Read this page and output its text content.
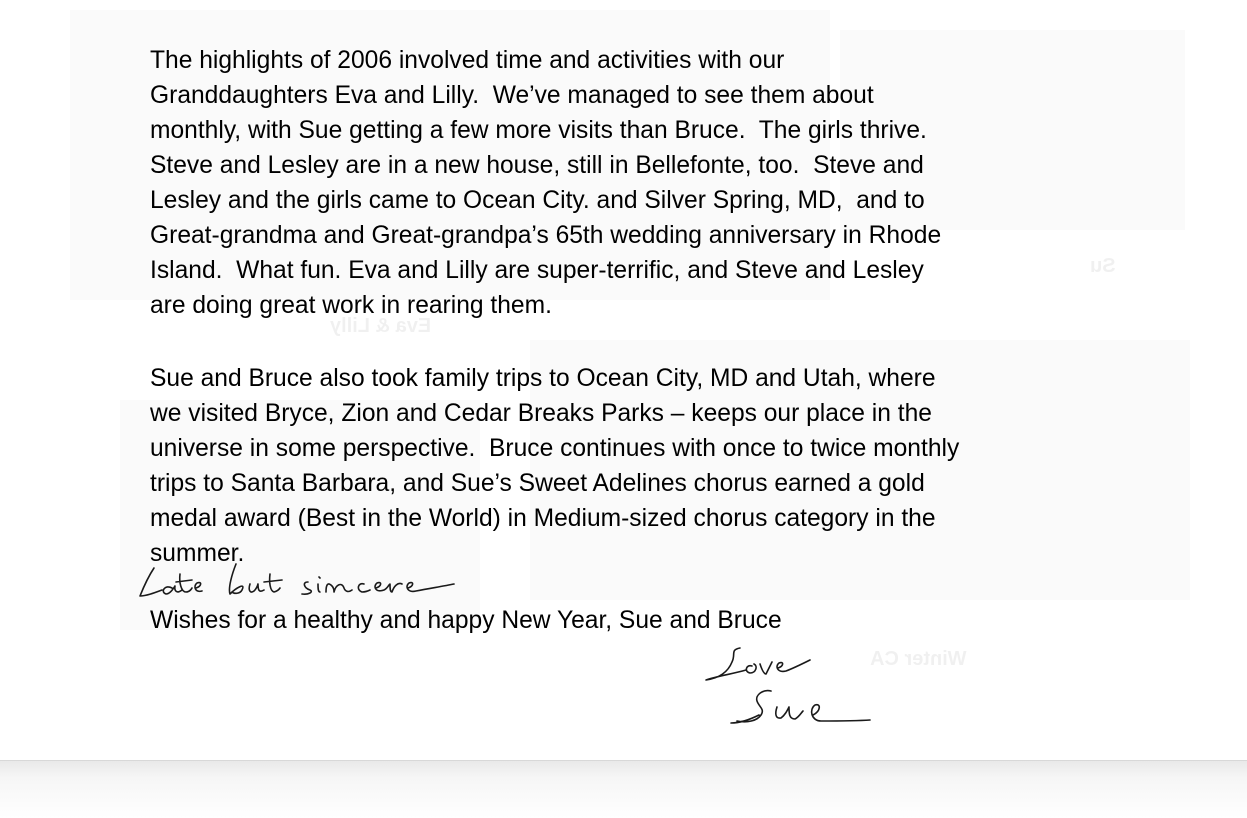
Su
Eva & Lilly
Winter CA

The highlights of 2006 involved time and activities with our
Granddaughters Eva and Lilly.  We’ve managed to see them about
monthly, with Sue getting a few more visits than Bruce.  The girls thrive.
Steve and Lesley are in a new house, still in Bellefonte, too.  Steve and
Lesley and the girls came to Ocean City. and Silver Spring, MD,  and to
Great-grandma and Great-grandpa’s 65th wedding anniversary in Rhode
Island.  What fun. Eva and Lilly are super-terrific, and Steve and Lesley
are doing great work in rearing them.

Sue and Bruce also took family trips to Ocean City, MD and Utah, where
we visited Bryce, Zion and Cedar Breaks Parks – keeps our place in the
universe in some perspective.  Bruce continues with once to twice monthly
trips to Santa Barbara, and Sue’s Sweet Adelines chorus earned a gold
medal award (Best in the World) in Medium-sized chorus category in the
summer.

Wishes for a healthy and happy New Year, Sue and Bruce
